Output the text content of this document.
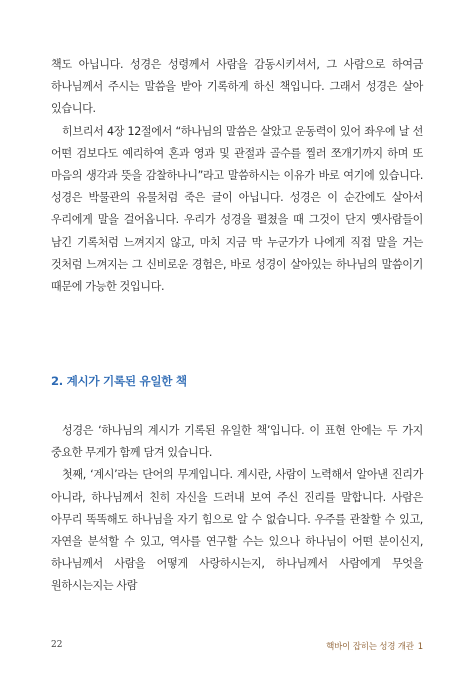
책도 아닙니다. 성경은 성령께서 사람을 감동시키셔서, 그 사람으로 하여금 하나님께서 주시는 말씀을 받아 기록하게 하신 책입니다. 그래서 성경은 살아 있습니다.
히브리서 4장 12절에서 “하나님의 말씀은 살았고 운동력이 있어 좌우에 날 선 어떤 검보다도 예리하여 혼과 영과 및 관절과 골수를 찔러 쪼개기까지 하며 또 마음의 생각과 뜻을 감찰하나니”라고 말씀하시는 이유가 바로 여기에 있습니다. 성경은 박물관의 유물처럼 죽은 글이 아닙니다. 성경은 이 순간에도 살아서 우리에게 말을 걸어옵니다. 우리가 성경을 펼쳤을 때 그것이 단지 옛사람들이 남긴 기록처럼 느껴지지 않고, 마치 지금 막 누군가가 나에게 직접 말을 거는 것처럼 느껴지는 그 신비로운 경험은, 바로 성경이 살아있는 하나님의 말씀이기 때문에 가능한 것입니다.
2. 계시가 기록된 유일한 책
성경은 ‘하나님의 계시가 기록된 유일한 책’입니다. 이 표현 안에는 두 가지 중요한 무게가 함께 담겨 있습니다.
첫째, ‘계시’라는 단어의 무게입니다. 계시란, 사람이 노력해서 알아낸 진리가 아니라, 하나님께서 친히 자신을 드러내 보여 주신 진리를 말합니다. 사람은 아무리 똑똑해도 하나님을 자기 힘으로 알 수 없습니다. 우주를 관찰할 수 있고, 자연을 분석할 수 있고, 역사를 연구할 수는 있으나 하나님이 어떤 분이신지, 하나님께서 사람을 어떻게 사랑하시는지, 하나님께서 사람에게 무엇을 원하시는지는 사람
22	핵바이 잡히는 성경 개관 1
